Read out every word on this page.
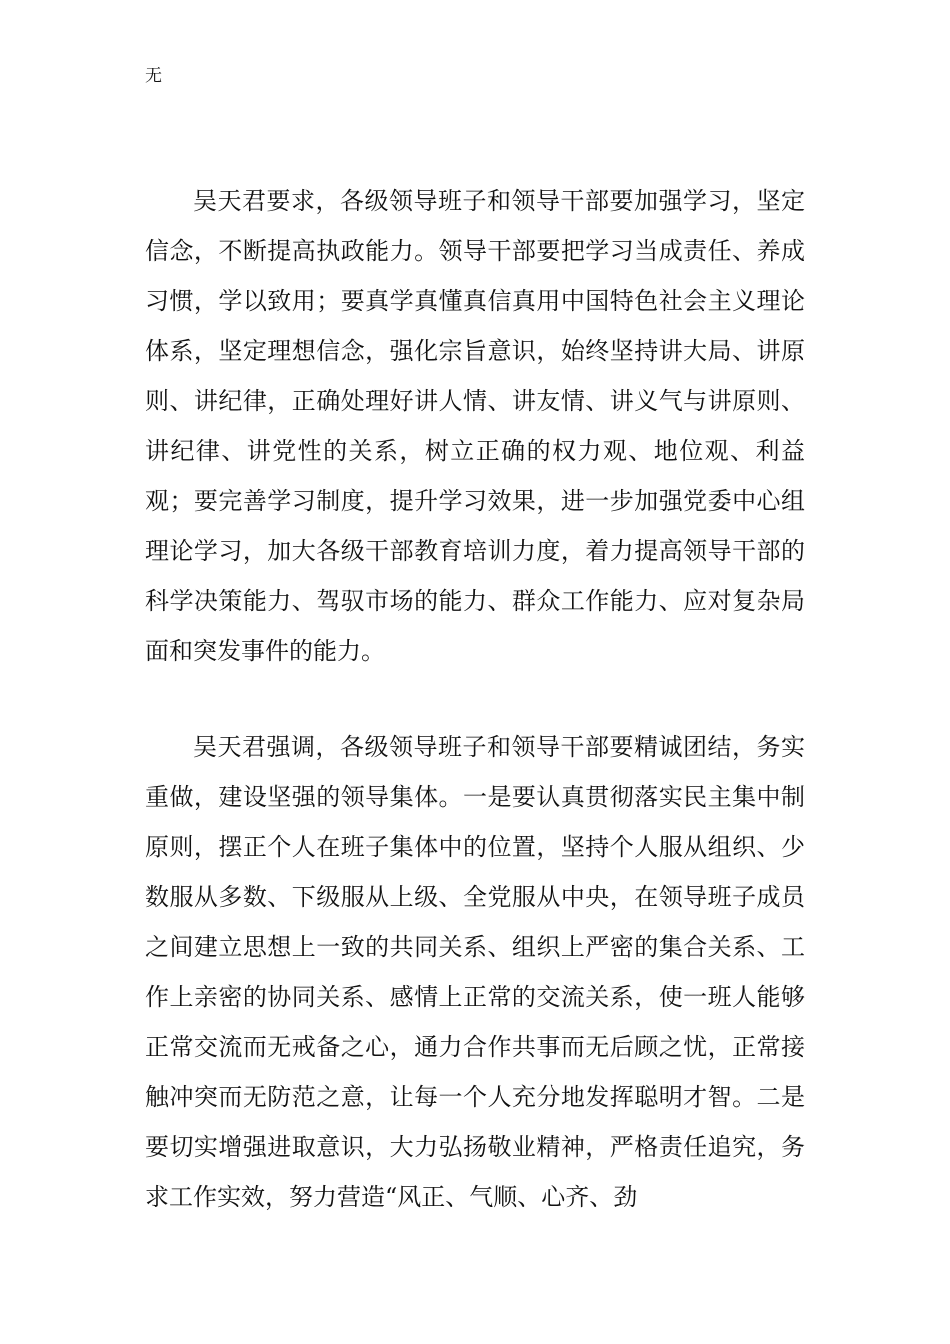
无

吴天君要求，各级领导班子和领导干部要加强学习，坚定信念，不断提高执政能力。领导干部要把学习当成责任、养成习惯，学以致用；要真学真懂真信真用中国特色社会主义理论体系，坚定理想信念，强化宗旨意识，始终坚持讲大局、讲原则、讲纪律，正确处理好讲人情、讲友情、讲义气与讲原则、讲纪律、讲党性的关系，树立正确的权力观、地位观、利益观；要完善学习制度，提升学习效果，进一步加强党委中心组理论学习，加大各级干部教育培训力度，着力提高领导干部的科学决策能力、驾驭市场的能力、群众工作能力、应对复杂局面和突发事件的能力。

吴天君强调，各级领导班子和领导干部要精诚团结，务实重做，建设坚强的领导集体。一是要认真贯彻落实民主集中制原则，摆正个人在班子集体中的位置，坚持个人服从组织、少数服从多数、下级服从上级、全党服从中央，在领导班子成员之间建立思想上一致的共同关系、组织上严密的集合关系、工作上亲密的协同关系、感情上正常的交流关系，使一班人能够正常交流而无戒备之心，通力合作共事而无后顾之忧，正常接触冲突而无防范之意，让每一个人充分地发挥聪明才智。二是要切实增强进取意识，大力弘扬敬业精神，严格责任追究，务求工作实效，努力营造“风正、气顺、心齐、劲
